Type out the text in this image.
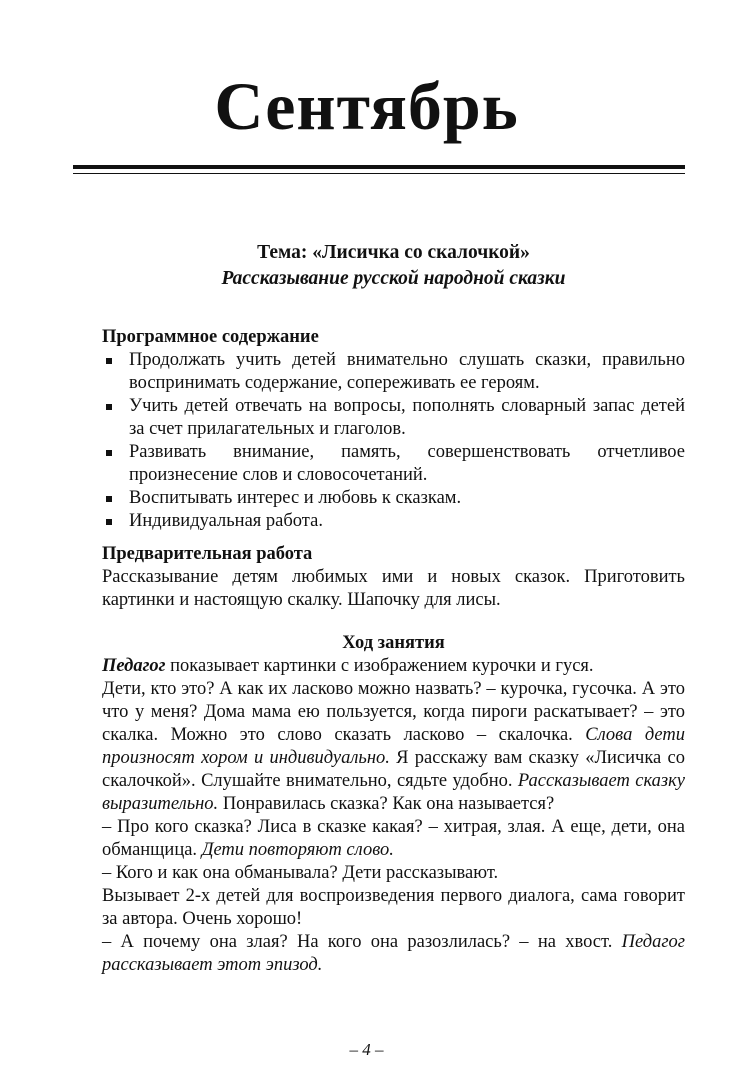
Сентябрь

Тема: «Лисичка со скалочкой»

Рассказывание русской народной сказки

Программное содержание

Продолжать учить детей внимательно слушать сказки, правильно воспринимать содержание, сопереживать ее героям.
Учить детей отвечать на вопросы, пополнять словарный запас детей за счет прилагательных и глаголов.
Развивать внимание, память, совершенствовать отчетливое произнесение слов и словосочетаний.
Воспитывать интерес и любовь к сказкам.
Индивидуальная работа.

Предварительная работа

Рассказывание детям любимых ими и новых сказок. Приготовить картинки и настоящую скалку. Шапочку для лисы.

Ход занятия

Педагог показывает картинки с изображением курочки и гуся.

Дети, кто это? А как их ласково можно назвать? – курочка, гусочка. А это что у меня? Дома мама ею пользуется, когда пироги раскатывает? – это скалка. Можно это слово сказать ласково – скалочка. Слова дети произносят хором и индивидуально. Я расскажу вам сказку «Лисичка со скалочкой». Слушайте внимательно, сядьте удобно. Рассказывает сказку выразительно. Понравилась сказка? Как она называется?

– Про кого сказка? Лиса в сказке какая? – хитрая, злая. А еще, дети, она обманщица. Дети повторяют слово.

– Кого и как она обманывала? Дети рассказывают.

Вызывает 2-х детей для воспроизведения первого диалога, сама говорит за автора. Очень хорошо!

– А почему она злая? На кого она разозлилась? – на хвост. Педагог рассказывает этот эпизод.

– 4 –
